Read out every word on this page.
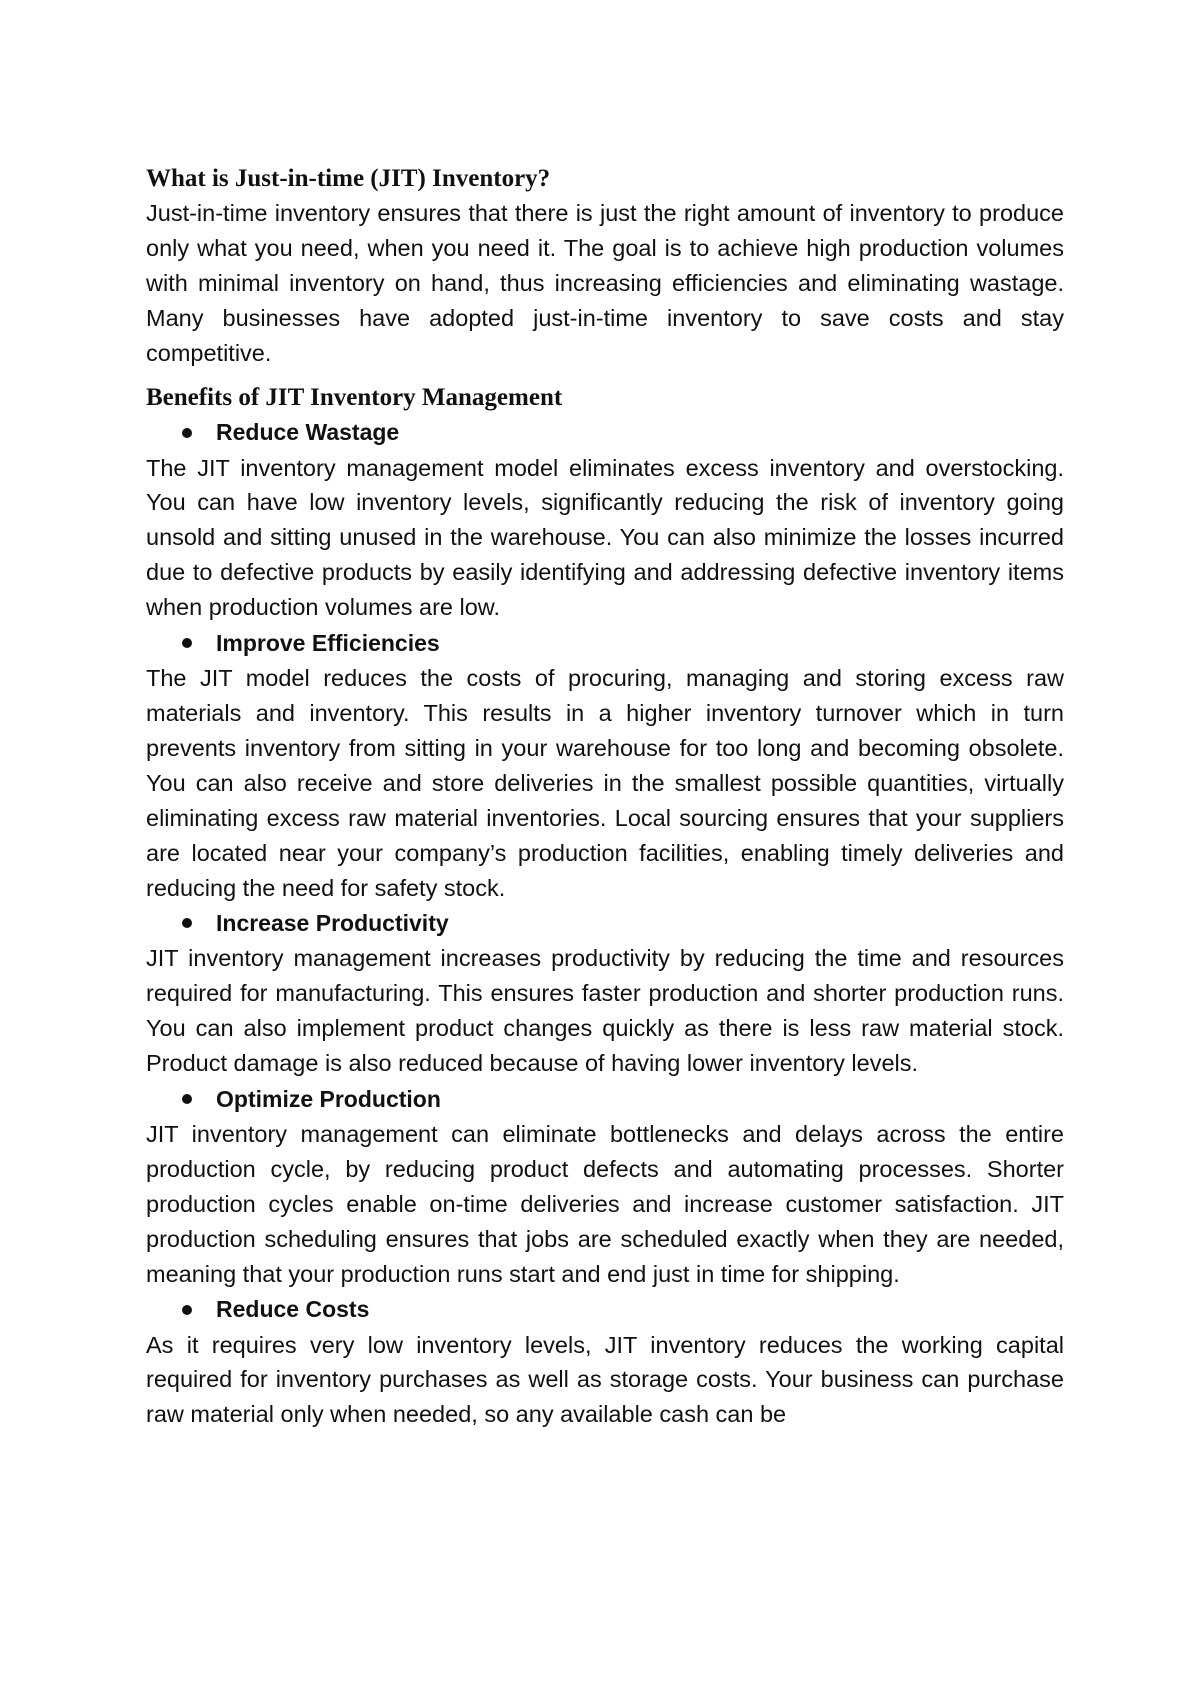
What is Just-in-time (JIT) Inventory?

Just-in-time inventory ensures that there is just the right amount of inventory to produce only what you need, when you need it. The goal is to achieve high production volumes with minimal inventory on hand, thus increasing efficiencies and eliminating wastage. Many businesses have adopted just-in-time inventory to save costs and stay competitive.

Benefits of JIT Inventory Management
Reduce Wastage

The JIT inventory management model eliminates excess inventory and overstocking. You can have low inventory levels, significantly reducing the risk of inventory going unsold and sitting unused in the warehouse. You can also minimize the losses incurred due to defective products by easily identifying and addressing defective inventory items when production volumes are low.

Improve Efficiencies

The JIT model reduces the costs of procuring, managing and storing excess raw materials and inventory. This results in a higher inventory turnover which in turn prevents inventory from sitting in your warehouse for too long and becoming obsolete. You can also receive and store deliveries in the smallest possible quantities, virtually eliminating excess raw material inventories. Local sourcing ensures that your suppliers are located near your company’s production facilities, enabling timely deliveries and reducing the need for safety stock.

Increase Productivity

JIT inventory management increases productivity by reducing the time and resources required for manufacturing. This ensures faster production and shorter production runs. You can also implement product changes quickly as there is less raw material stock. Product damage is also reduced because of having lower inventory levels.

Optimize Production

JIT inventory management can eliminate bottlenecks and delays across the entire production cycle, by reducing product defects and automating processes. Shorter production cycles enable on-time deliveries and increase customer satisfaction. JIT production scheduling ensures that jobs are scheduled exactly when they are needed, meaning that your production runs start and end just in time for shipping.

Reduce Costs

As it requires very low inventory levels, JIT inventory reduces the working capital required for inventory purchases as well as storage costs. Your business can purchase raw material only when needed, so any available cash can be
